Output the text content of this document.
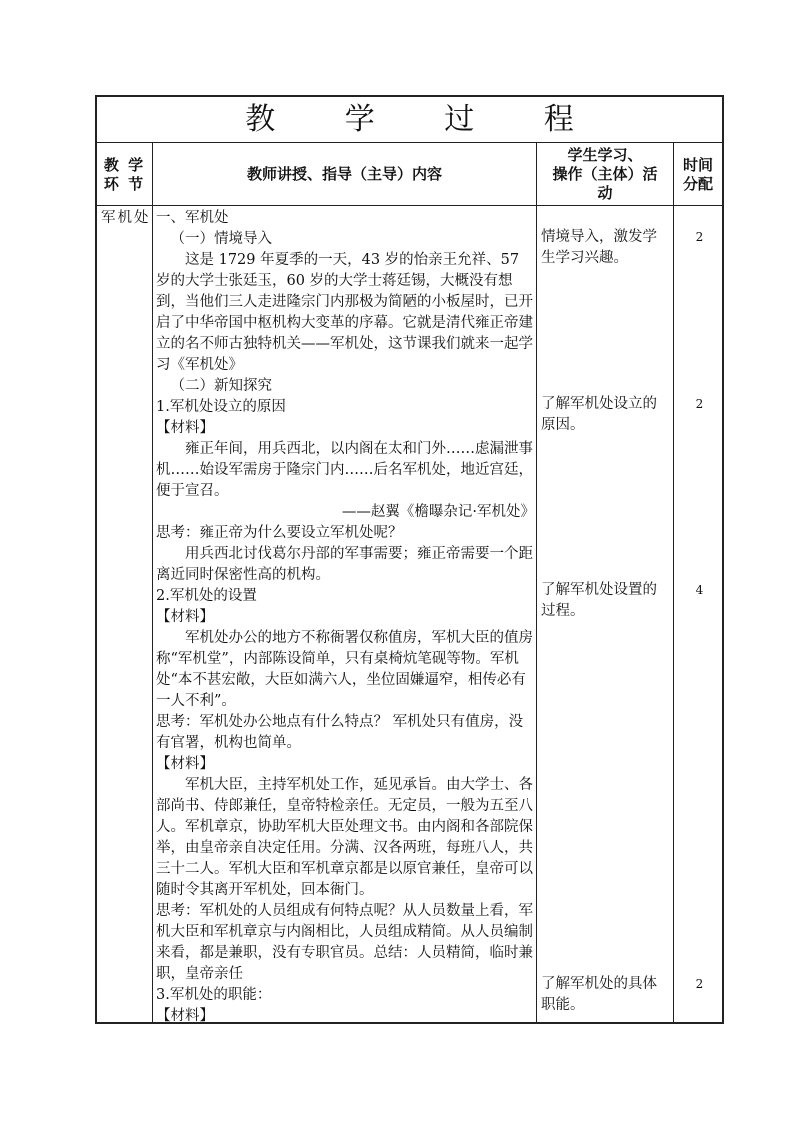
教 学 过 程
教 学
环 节
教师讲授、指导（主导）内容
学生学习、
操作（主体）活
动
时间
分配
军机处 一、军机处

（一）情境导入

这是 1729 年夏季的一天，43 岁的怡亲王允祥、57 岁的大学士张廷玉，60 岁的大学士蒋廷锡，大概没有想到，当他们三人走进隆宗门内那极为简陋的小板屋时，已开启了中华帝国中枢机构大变革的序幕。它就是清代雍正帝建立的名不师古独特机关——军机处，这节课我们就来一起学习《军机处》

（二）新知探究

1.军机处设立的原因

【材料】

雍正年间，用兵西北，以内阁在太和门外……虑漏泄事机……始设军需房于隆宗门内……后名军机处，地近宫廷，便于宣召。

——赵翼《檐曝杂记·军机处》

思考：雍正帝为什么要设立军机处呢？

用兵西北讨伐葛尔丹部的军事需要；雍正帝需要一个距离近同时保密性高的机构。

2.军机处的设置

【材料】

军机处办公的地方不称衙署仅称值房，军机大臣的值房称“军机堂”，内部陈设简单，只有桌椅炕笔砚等物。军机处“本不甚宏敞，大臣如满六人，坐位固嫌逼窄，相传必有一人不利”。

思考：军机处办公地点有什么特点？ 军机处只有值房，没有官署，机构也简单。

【材料】

军机大臣，主持军机处工作，延见承旨。由大学士、各部尚书、侍郎兼任，皇帝特检亲任。无定员，一般为五至八人。军机章京，协助军机大臣处理文书。由内阁和各部院保举，由皇帝亲自决定任用。分满、汉各两班，每班八人，共三十二人。军机大臣和军机章京都是以原官兼任，皇帝可以随时令其离开军机处，回本衙门。

思考：军机处的人员组成有何特点呢？从人员数量上看，军机大臣和军机章京与内阁相比，人员组成精简。从人员编制来看，都是兼职，没有专职官员。总结：人员精简，临时兼职，皇帝亲任

3.军机处的职能：

【材料】

情境导入，激发学生学习兴趣。
了解军机处设立的原因。
了解军机处设置的过程。
了解军机处的具体职能。
2
2
4
2
